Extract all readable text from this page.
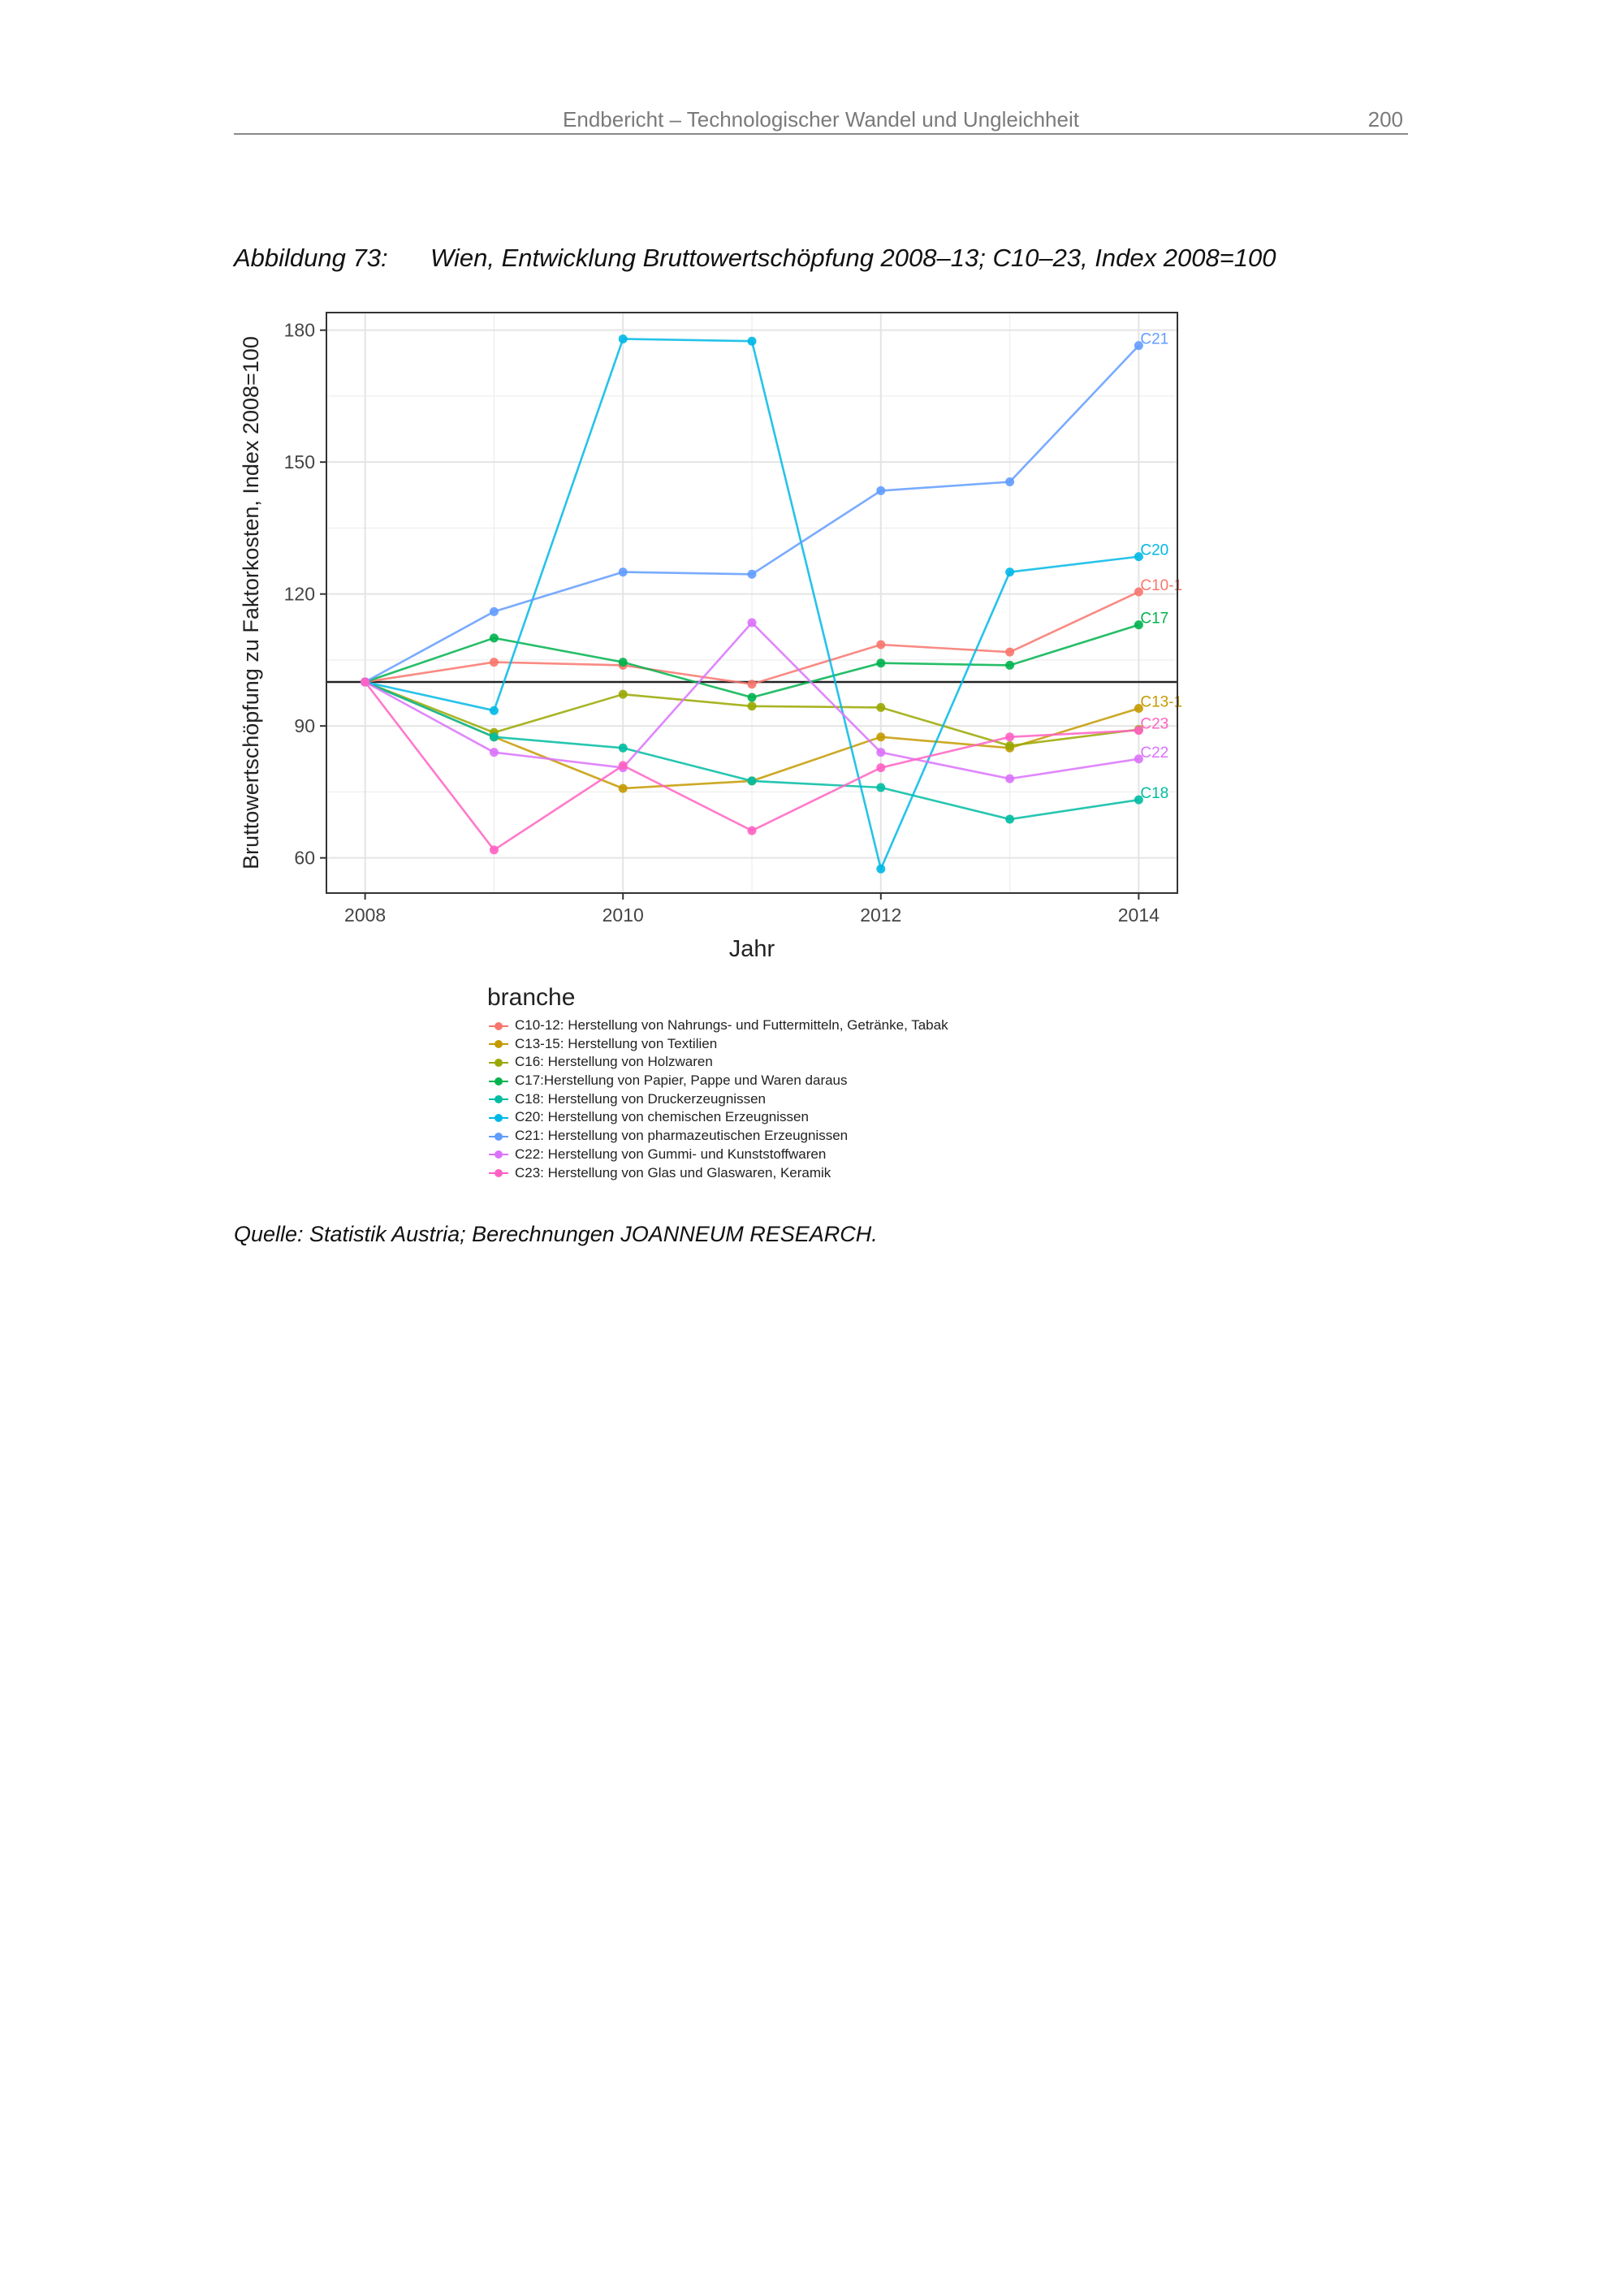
Endbericht – Technologischer Wandel und Ungleichheit	200
Abbildung 73: Wien, Entwicklung Bruttowertschöpfung 2008–13; C10–23, Index 2008=100
60
90
120
150
180
2008	2010	2012	2014
C10-1
C13-1
C17
C18
C20
C21
C22
C23
Jahr
Bruttowertschöpfung zu Faktorkosten, Index 2008=100
branche
C10-12: Herstellung von Nahrungs- und Futtermitteln, Getränke, Tabak
C13-15: Herstellung von Textilien
C16: Herstellung von Holzwaren
C17:Herstellung von Papier, Pappe und Waren daraus
C18: Herstellung von Druckerzeugnissen
C20: Herstellung von chemischen Erzeugnissen
C21: Herstellung von pharmazeutischen Erzeugnissen
C22: Herstellung von Gummi- und Kunststoffwaren
C23: Herstellung von Glas und Glaswaren, Keramik
Quelle: Statistik Austria; Berechnungen JOANNEUM RESEARCH.
